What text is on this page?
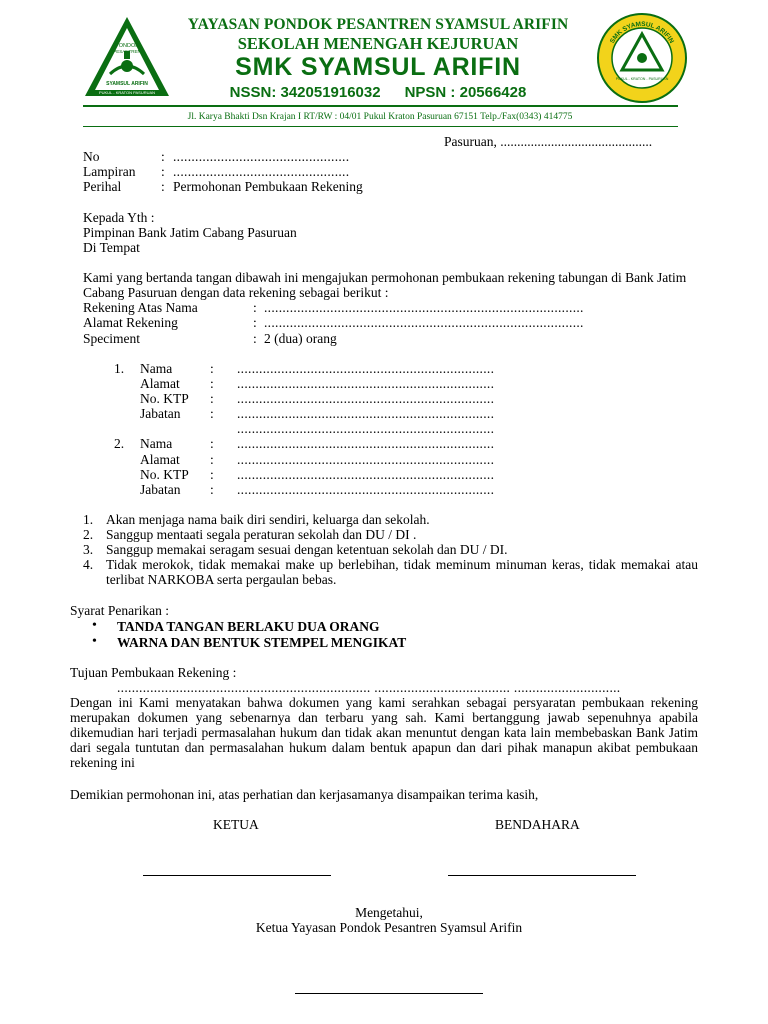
PONDOK
PESANTREN
SYAMSUL ARIFIN
PUKUL - KRATON PASURUAN
YAYASAN PONDOK PESANTREN SYAMSUL ARIFIN
SEKOLAH MENENGAH KEJURUAN
SMK SYAMSUL ARIFIN
NSSN: 342051916032 NPSN : 20566428
SMK SYAMSUL ARIFIN
PUKUL - KRATON - PASURUAN
Jl. Karya Bhakti Dsn Krajan I RT/RW : 04/01 Pukul Kraton Pasuruan 67151 Telp./Fax(0343) 414775
Pasuruan, .............................................
No	: ................................................
Lampiran : ................................................
Perihal	: Permohonan Pembukaan Rekening
Kepada Yth :
Pimpinan Bank Jatim Cabang Pasuruan
Di Tempat
Kami yang bertanda tangan dibawah ini mengajukan permohonan pembukaan rekening tabungan di Bank Jatim Cabang Pasuruan dengan data rekening sebagai berikut :
Rekening Atas Nama	: .......................................................................................
Alamat Rekening	: .......................................................................................
Speciment	: 2 (dua) orang
1. Nama	: ......................................................................
Alamat : ......................................................................
No. KTP : ......................................................................
Jabatan : ......................................................................
......................................................................
2. Nama	: ......................................................................
Alamat : ......................................................................
No. KTP : ......................................................................
Jabatan : ......................................................................
1. Akan menjaga nama baik diri sendiri, keluarga dan sekolah.
2. Sanggup mentaati segala peraturan sekolah dan DU / DI .
3. Sanggup memakai seragam sesuai dengan ketentuan sekolah dan DU / DI.
4. Tidak merokok, tidak memakai make up berlebihan, tidak meminum minuman keras, tidak memakai atau terlibat NARKOBA serta pergaulan bebas.
Syarat Penarikan :
• TANDA TANGAN BERLAKU DUA ORANG
• WARNA DAN BENTUK STEMPEL MENGIKAT
Tujuan Pembukaan Rekening :
..................................................................... ..................................... .............................
Dengan ini Kami menyatakan bahwa dokumen yang kami serahkan sebagai persyaratan pembukaan rekening merupakan dokumen yang sebenarnya dan terbaru yang sah. Kami bertanggung jawab sepenuhnya apabila dikemudian hari terjadi permasalahan hukum dan tidak akan menuntut dengan kata lain membebaskan Bank Jatim dari segala tuntutan dan permasalahan hukum dalam bentuk apapun dan dari pihak manapun akibat pembukaan rekening ini
Demikian permohonan ini, atas perhatian dan kerjasamanya disampaikan terima kasih,
KETUA	BENDAHARA
Mengetahui,
Ketua Yayasan Pondok Pesantren Syamsul Arifin
